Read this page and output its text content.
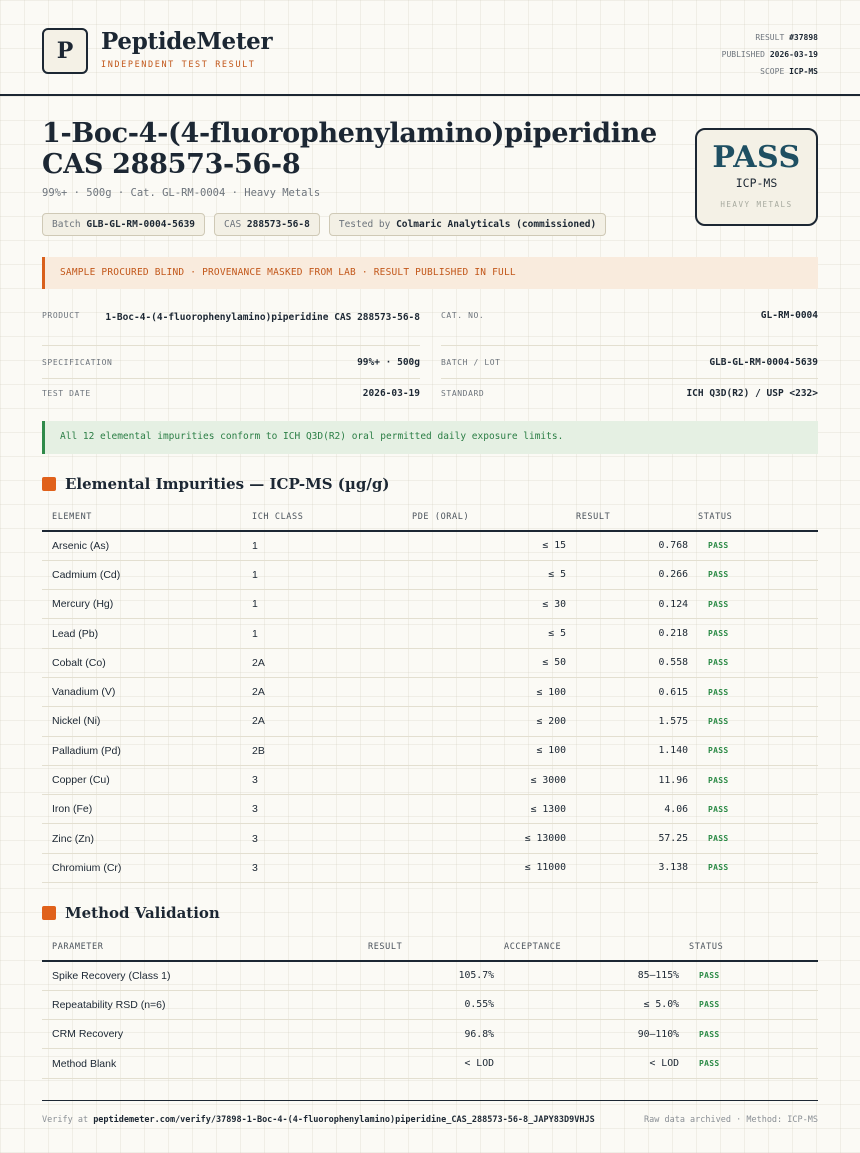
P	PeptideMeter
INDEPENDENT TEST RESULT
RESULT #37898
PUBLISHED 2026-03-19
SCOPE ICP-MS
1-Boc-4-(4-fluorophenylamino)piperidine CAS 288573-56-8
99%+ · 500g · Cat. GL-RM-0004 · Heavy Metals
Batch GLB-GL-RM-0004-5639	CAS 288573-56-8	Tested by Colmaric Analyticals (commissioned)
PASS
ICP-MS
HEAVY METALS
SAMPLE PROCURED BLIND · PROVENANCE MASKED FROM LAB · RESULT PUBLISHED IN FULL
PRODUCT	1-Boc-4-(4-fluorophenylamino)piperidine CAS 288573-56-8	CAT. NO.	GL-RM-0004
SPECIFICATION	99%+ · 500g	BATCH / LOT	GLB-GL-RM-0004-5639
TEST DATE	2026-03-19	STANDARD	ICH Q3D(R2) / USP <232>
All 12 elemental impurities conform to ICH Q3D(R2) oral permitted daily exposure limits.
Elemental Impurities — ICP-MS (µg/g)
ELEMENT	ICH CLASS	PDE (ORAL)	RESULT	STATUS
Arsenic (As)	1	≤ 15	0.768	PASS
Cadmium (Cd)	1	≤ 5	0.266	PASS
Mercury (Hg)	1	≤ 30	0.124	PASS
Lead (Pb)	1	≤ 5	0.218	PASS
Cobalt (Co)	2A	≤ 50	0.558	PASS
Vanadium (V)	2A	≤ 100	0.615	PASS
Nickel (Ni)	2A	≤ 200	1.575	PASS
Palladium (Pd)	2B	≤ 100	1.140	PASS
Copper (Cu)	3	≤ 3000	11.96	PASS
Iron (Fe)	3	≤ 1300	4.06	PASS
Zinc (Zn)	3	≤ 13000	57.25	PASS
Chromium (Cr)	3	≤ 11000	3.138	PASS
Method Validation
PARAMETER	RESULT	ACCEPTANCE	STATUS
Spike Recovery (Class 1)	105.7%	85–115%	PASS
Repeatability RSD (n=6)	0.55%	≤ 5.0%	PASS
CRM Recovery	96.8%	90–110%	PASS
Method Blank	< LOD	< LOD	PASS
Verify at peptidemeter.com/verify/37898-1-Boc-4-(4-fluorophenylamino)piperidine_CAS_288573-56-8_JAPY83D9VHJS	Raw data archived · Method: ICP-MS
